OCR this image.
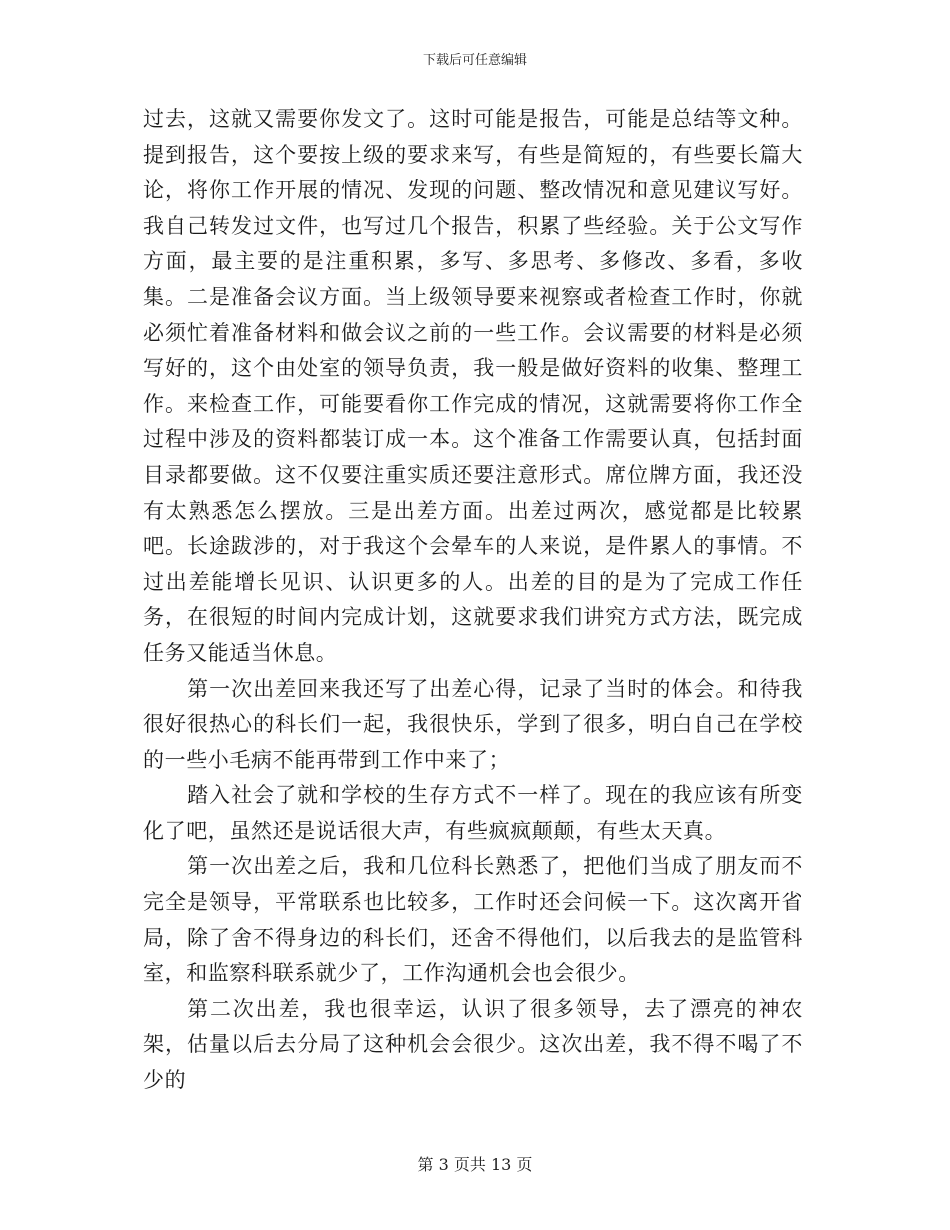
下载后可任意编辑

过去，这就又需要你发文了。这时可能是报告，可能是总结等文种。提到报告，这个要按上级的要求来写，有些是简短的，有些要长篇大论，将你工作开展的情况、发现的问题、整改情况和意见建议写好。我自己转发过文件，也写过几个报告，积累了些经验。关于公文写作方面，最主要的是注重积累，多写、多思考、多修改、多看，多收集。二是准备会议方面。当上级领导要来视察或者检查工作时，你就必须忙着准备材料和做会议之前的一些工作。会议需要的材料是必须写好的，这个由处室的领导负责，我一般是做好资料的收集、整理工作。来检查工作，可能要看你工作完成的情况，这就需要将你工作全过程中涉及的资料都装订成一本。这个准备工作需要认真，包括封面目录都要做。这不仅要注重实质还要注意形式。席位牌方面，我还没有太熟悉怎么摆放。三是出差方面。出差过两次，感觉都是比较累吧。长途跋涉的，对于我这个会晕车的人来说，是件累人的事情。不过出差能增长见识、认识更多的人。出差的目的是为了完成工作任务，在很短的时间内完成计划，这就要求我们讲究方式方法，既完成任务又能适当休息。

第一次出差回来我还写了出差心得，记录了当时的体会。和待我很好很热心的科长们一起，我很快乐，学到了很多，明白自己在学校的一些小毛病不能再带到工作中来了；

踏入社会了就和学校的生存方式不一样了。现在的我应该有所变化了吧，虽然还是说话很大声，有些疯疯颠颠，有些太天真。

第一次出差之后，我和几位科长熟悉了，把他们当成了朋友而不完全是领导，平常联系也比较多，工作时还会问候一下。这次离开省局，除了舍不得身边的科长们，还舍不得他们，以后我去的是监管科室，和监察科联系就少了，工作沟通机会也会很少。

第二次出差，我也很幸运，认识了很多领导，去了漂亮的神农架，估量以后去分局了这种机会会很少。这次出差，我不得不喝了不少的

第 3 页共 13 页
